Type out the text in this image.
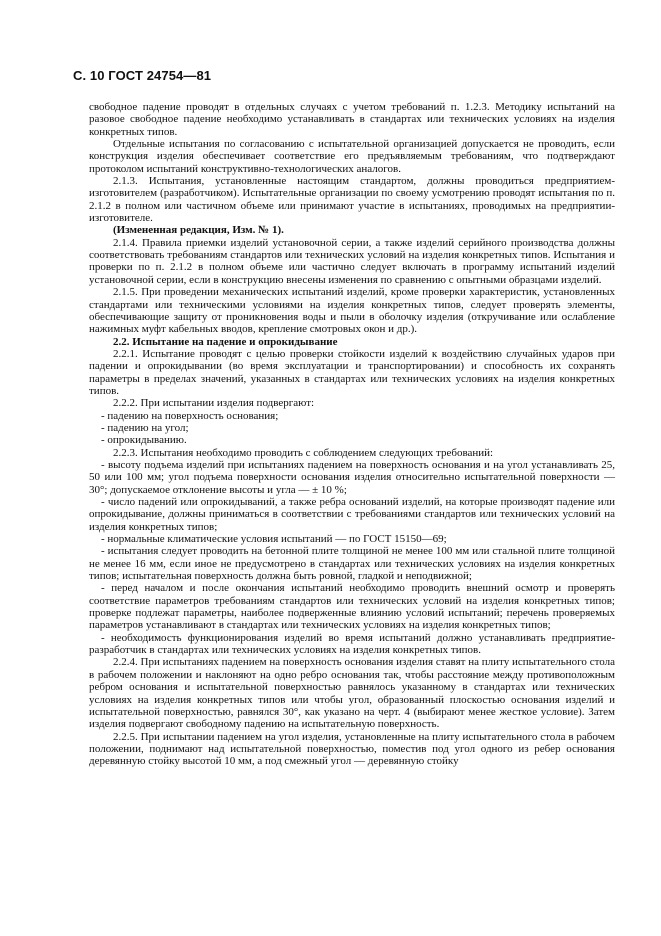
С. 10 ГОСТ 24754—81

свободное падение проводят в отдельных случаях с учетом требований п. 1.2.3. Методику испытаний на разовое свободное падение необходимо устанавливать в стандартах или технических условиях на изделия конкретных типов.

Отдельные испытания по согласованию с испытательной организацией допускается не проводить, если конструкция изделия обеспечивает соответствие его предъявляемым требованиям, что подтверждают протоколом испытаний конструктивно-технологических аналогов.

2.1.3. Испытания, установленные настоящим стандартом, должны проводиться предприятием-изготовителем (разработчиком). Испытательные организации по своему усмотрению проводят испытания по п. 2.1.2 в полном или частичном объеме или принимают участие в испытаниях, проводимых на предприятии-изготовителе.

(Измененная редакция, Изм. № 1).

2.1.4. Правила приемки изделий установочной серии, а также изделий серийного производства должны соответствовать требованиям стандартов или технических условий на изделия конкретных типов. Испытания и проверки по п. 2.1.2 в полном объеме или частично следует включать в программу испытаний изделий установочной серии, если в конструкцию внесены изменения по сравнению с опытными образцами изделий.

2.1.5. При проведении механических испытаний изделий, кроме проверки характеристик, установленных стандартами или техническими условиями на изделия конкретных типов, следует проверять элементы, обеспечивающие защиту от проникновения воды и пыли в оболочку изделия (откручивание или ослабление нажимных муфт кабельных вводов, крепление смотровых окон и др.).

2.2. Испытание на падение и опрокидывание

2.2.1. Испытание проводят с целью проверки стойкости изделий к воздействию случайных ударов при падении и опрокидывании (во время эксплуатации и транспортировании) и способность их сохранять параметры в пределах значений, указанных в стандартах или технических условиях на изделия конкретных типов.

2.2.2. При испытании изделия подвергают:

- падению на поверхность основания;

- падению на угол;

- опрокидыванию.

2.2.3. Испытания необходимо проводить с соблюдением следующих требований:

- высоту подъема изделий при испытаниях падением на поверхность основания и на угол устанавливать 25, 50 или 100 мм; угол подъема поверхности основания изделия относительно испытательной поверхности — 30°; допускаемое отклонение высоты и угла — ± 10 %;

- число падений или опрокидываний, а также ребра оснований изделий, на которые производят падение или опрокидывание, должны приниматься в соответствии с требованиями стандартов или технических условий на изделия конкретных типов;

- нормальные климатические условия испытаний — по ГОСТ 15150—69;

- испытания следует проводить на бетонной плите толщиной не менее 100 мм или стальной плите толщиной не менее 16 мм, если иное не предусмотрено в стандартах или технических условиях на изделия конкретных типов; испытательная поверхность должна быть ровной, гладкой и неподвижной;

- перед началом и после окончания испытаний необходимо проводить внешний осмотр и проверять соответствие параметров требованиям стандартов или технических условий на изделия конкретных типов; проверке подлежат параметры, наиболее подверженные влиянию условий испытаний; перечень проверяемых параметров устанавливают в стандартах или технических условиях на изделия конкретных типов;

- необходимость функционирования изделий во время испытаний должно устанавливать предприятие-разработчик в стандартах или технических условиях на изделия конкретных типов.

2.2.4. При испытаниях падением на поверхность основания изделия ставят на плиту испытательного стола в рабочем положении и наклоняют на одно ребро основания так, чтобы расстояние между противоположным ребром основания и испытательной поверхностью равнялось указанному в стандартах или технических условиях на изделия конкретных типов или чтобы угол, образованный плоскостью основания изделий и испытательной поверхностью, равнялся 30°, как указано на черт. 4 (выбирают менее жесткое условие). Затем изделия подвергают свободному падению на испытательную поверхность.

2.2.5. При испытании падением на угол изделия, установленные на плиту испытательного стола в рабочем положении, поднимают над испытательной поверхностью, поместив под угол одного из ребер основания деревянную стойку высотой 10 мм, а под смежный угол — деревянную стойку
